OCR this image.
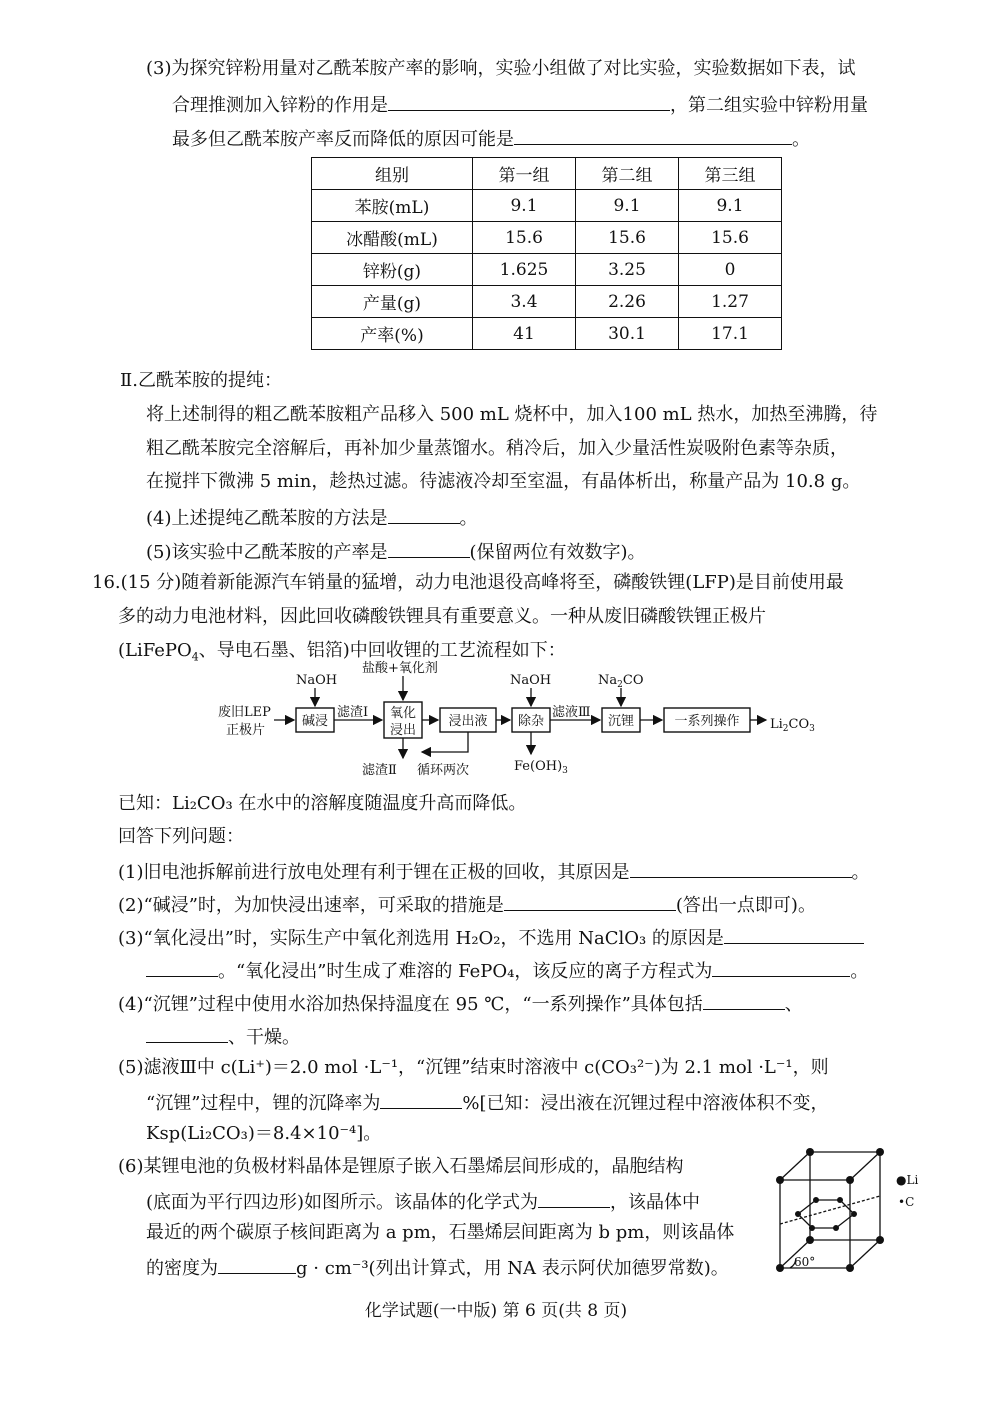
(3)为探究锌粉用量对乙酰苯胺产率的影响，实验小组做了对比实验，实验数据如下表，试
合理推测加入锌粉的作用是	，第二组实验中锌粉用量
最多但乙酰苯胺产率反而降低的原因可能是	。
组别	第一组	第二组	第三组
苯胺(mL)	9.1	9.1	9.1
冰醋酸(mL)	15.6	15.6	15.6
锌粉(g)	1.625	3.25	0
产量(g)	3.4	2.26	1.27
产率(%)	41	30.1	17.1
Ⅱ.乙酰苯胺的提纯：
将上述制得的粗乙酰苯胺粗产品移入 500 mL 烧杯中，加入100 mL 热水，加热至沸腾，待
粗乙酰苯胺完全溶解后，再补加少量蒸馏水。稍冷后，加入少量活性炭吸附色素等杂质，
在搅拌下微沸 5 min，趁热过滤。待滤液冷却至室温，有晶体析出，称量产品为 10.8 g。
(4)上述提纯乙酰苯胺的方法是	。
(5)该实验中乙酰苯胺的产率是	(保留两位有效数字)。
16.(15 分)随着新能源汽车销量的猛增，动力电池退役高峰将至，磷酸铁锂(LFP)是目前使用最
多的动力电池材料，因此回收磷酸铁锂具有重要意义。一种从废旧磷酸铁锂正极片
(LiFePO$_4$、导电石墨、铝箔)中回收锂的工艺流程如下：
废旧LEP
正极片
NaOH
盐酸+氧化剂
滤渣Ⅰ
NaOH
滤液Ⅲ
$Na_2CO$
滤渣Ⅱ 循环两次	$Fe(OH)_3$
$Li_2CO_3$
碱浸
氧化
浸出
浸出液 除杂	沉锂	一系列操作
已知：Li₂CO₃ 在水中的溶解度随温度升高而降低。
回答下列问题：
(1)旧电池拆解前进行放电处理有利于锂在正极的回收，其原因是	。
(2)“碱浸”时，为加快浸出速率，可采取的措施是	(答出一点即可)。
(3)“氧化浸出”时，实际生产中氧化剂选用 H₂O₂，不选用 NaClO₃ 的原因是
。“氧化浸出”时生成了难溶的 FePO₄，该反应的离子方程式为	。
(4)“沉锂”过程中使用水浴加热保持温度在 95 ℃，“一系列操作”具体包括	、
、干燥。
(5)滤液Ⅲ中 c(Li⁺)＝2.0 mol ·L⁻¹，“沉锂”结束时溶液中 c(CO₃²⁻)为 2.1 mol ·L⁻¹，则
“沉锂”过程中，锂的沉降率为	%[已知：浸出液在沉锂过程中溶液体积不变，
Ksp(Li₂CO₃)＝8.4×10⁻⁴]。
(6)某锂电池的负极材料晶体是锂原子嵌入石墨烯层间形成的，晶胞结构
(底面为平行四边形)如图所示。该晶体的化学式为	，该晶体中
最近的两个碳原子核间距离为 a pm，石墨烯层间距离为 b pm，则该晶体
的密度为	g · cm⁻³(列出计算式，用 NA 表示阿伏加德罗常数)。
●Li
•C
60°
化学试题(一中版) 第 6 页(共 8 页)
